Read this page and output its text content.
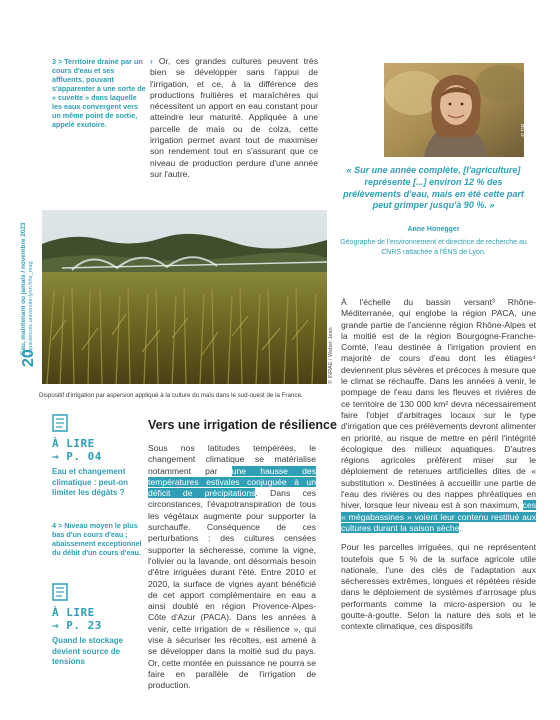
3 > Territoire drainé par un cours d'eau et ses affluents, pouvant s'apparenter à une sorte de « cuvette » dans laquelle les eaux convergent vers un même point de sortie, appelé exutoire.
› Or, ces grandes cultures peuvent très bien se développer sans l'appui de l'irrigation, et ce, à la différence des productions fruitières et maraîchères qui nécessitent un apport en eau constant pour atteindre leur maturité. Appliquée à une parcelle de maïs ou de colza, cette irrigation permet avant tout de maximiser son rendement tout en s'assurant que ce niveau de production perdure d'une année sur l'autre.
© DR
« Sur une année complète, [l'agriculture] représente [...] environ 12 % des prélèvements d'eau, mais en été cette part peut grimper jusqu'à 90 %. »
Anne Honegger
Géographe de l'environnement et directrice de recherche au CNRS rattachée à l'ÉNS de Lyon.
20
Eau, maintenant ou jamais / novembre 2023 popsciences.universite-lyon.fr/le_mag
© INRAE / Weber Jean
Dispositif d'irrigation par aspersion appliqué à la culture du maïs dans le sud-ouest de la France.

À l'échelle du bassin versant³ Rhône-Méditerranée, qui englobe la région PACA, une grande partie de l'ancienne région Rhône-Alpes et la moitié est de la région Bourgogne-Franche-Comté, l'eau destinée à l'irrigation provient en majorité de cours d'eau dont les étiages⁴ deviennent plus sévères et précoces à mesure que le climat se réchauffe. Dans les années à venir, le pompage de l'eau dans les fleuves et rivières de ce territoire de 130 000 km² devra nécessairement faire l'objet d'arbitrages locaux sur le type d'irrigation que ces prélèvements devront alimenter en priorité, au risque de mettre en péril l'intégrité écologique des milieux aquatiques. D'autres régions agricoles préfèrent miser sur le déploiement de retenues artificielles dites de « substitution ». Destinées à accueillir une partie de l'eau des rivières ou des nappes phréatiques en hiver, lorsque leur niveau est à son maximum, ces « mégabassines » voient leur contenu restitué aux cultures durant la saison sèche.

Pour les parcelles irriguées, qui ne représentent toutefois que 5 % de la surface agricole utile nationale, l'une des clés de l'adaptation aux sécheresses extrêmes, longues et répétées réside dans le déploiement de systèmes d'arrosage plus performants comme la micro-aspersion ou le goutte-à-goutte. Selon la nature des sols et le contexte climatique, ces dispositifs

Vers une irrigation de résilience
Sous nos latitudes tempérées, le changement climatique se matérialise notamment par une hausse des températures estivales conjuguée à un déficit de précipitations. Dans ces circonstances, l'évapotranspiration de tous les végétaux augmente pour supporter la surchauffe. Conséquence de ces perturbations : des cultures censées supporter la sécheresse, comme la vigne, l'olivier ou la lavande, ont désormais besoin d'être irriguées durant l'été. Entre 2010 et 2020, la surface de vignes ayant bénéficié de cet apport complémentaire en eau a ainsi doublé en région Provence-Alpes-Côte d'Azur (PACA). Dans les années à venir, cette irrigation de « résilience », qui vise à sécuriser les récoltes, est amené à se développer dans la moitié sud du pays. Or, cette montée en puissance ne pourra se faire en parallèle de l'irrigation de production.
À LIRE
→ P. 04
Eau et changement climatique : peut-on limiter les dégâts ?
4 > Niveau moyen le plus bas d'un cours d'eau ; abaissement exceptionnel du débit d'un cours d'eau.
À LIRE
→ P. 23
Quand le stockage devient source de tensions
